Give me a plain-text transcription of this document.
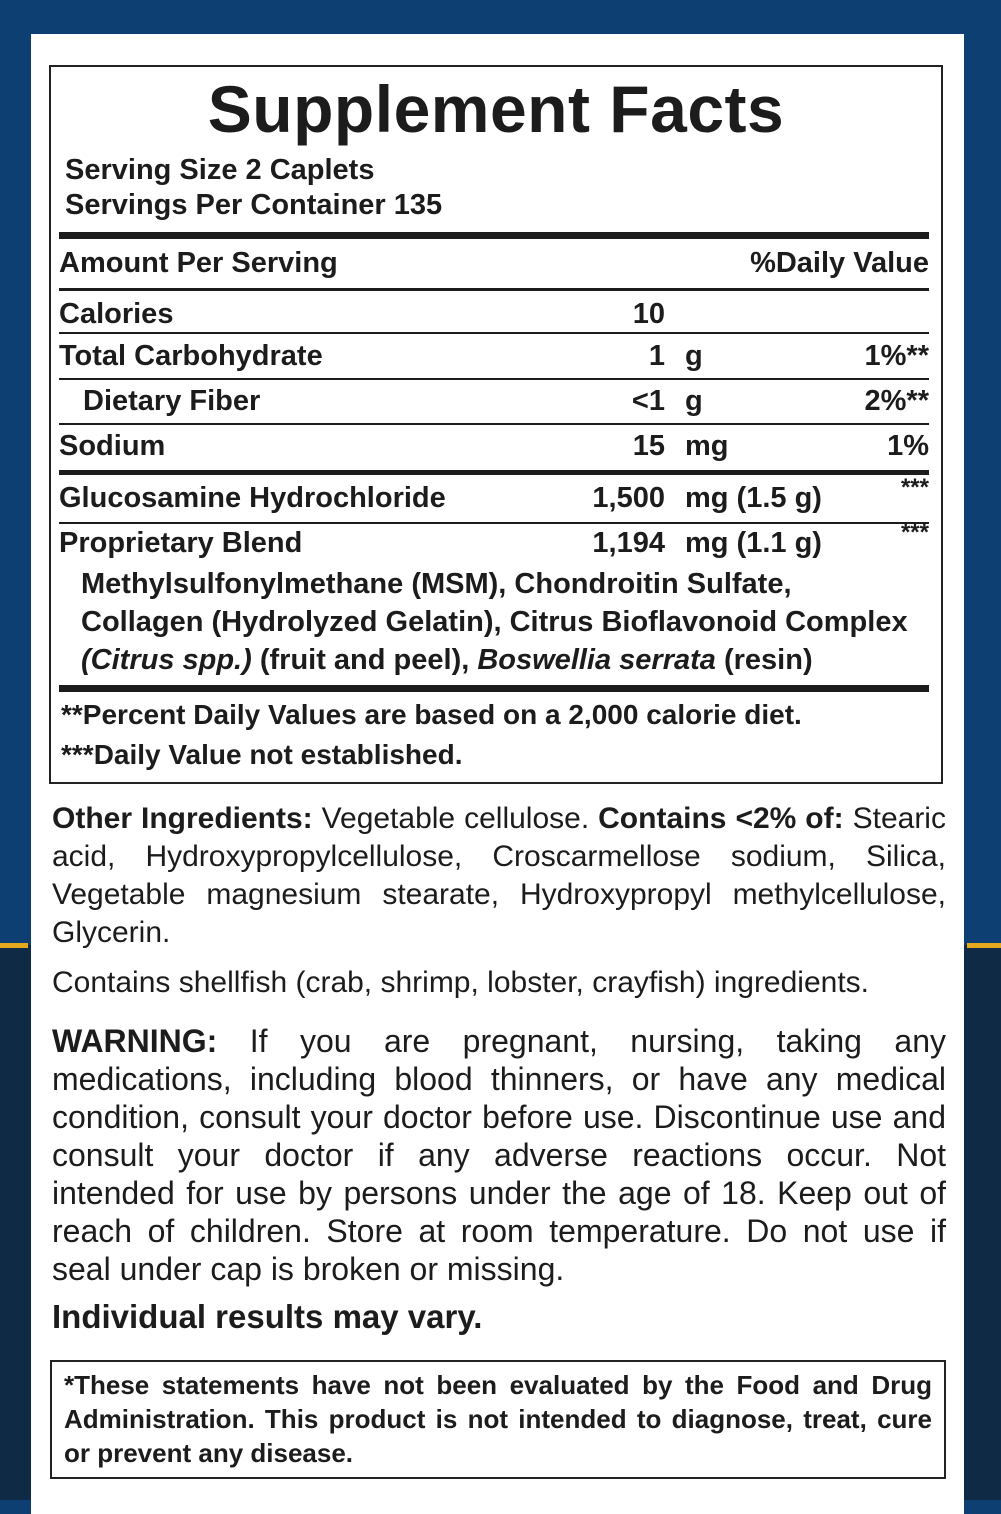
Supplement Facts
Serving Size 2 Caplets
Servings Per Container 135
Amount Per Serving	%Daily Value
Calories	10
Total Carbohydrate	1 g	1%**
Dietary Fiber	<1 g	2%**
Sodium	15 mg	1%
Glucosamine Hydrochloride	1,500 mg (1.5 g)	***
Proprietary Blend	1,194 mg (1.1 g)	***
Methylsulfonylmethane (MSM), Chondroitin Sulfate,
Collagen (Hydrolyzed Gelatin), Citrus Bioflavonoid Complex
(Citrus spp.) (fruit and peel), Boswellia serrata (resin)
**Percent Daily Values are based on a 2,000 calorie diet.
***Daily Value not established.
Other Ingredients: Vegetable cellulose. Contains <2% of: Stearic acid, Hydroxypropylcellulose, Croscarmellose sodium, Silica, Vegetable magnesium stearate, Hydroxypropyl methylcellulose, Glycerin.
Contains shellfish (crab, shrimp, lobster, crayfish) ingredients.
WARNING: If you are pregnant, nursing, taking any medications, including blood thinners, or have any medical condition, consult your doctor before use. Discontinue use and consult your doctor if any adverse reactions occur. Not intended for use by persons under the age of 18. Keep out of reach of children. Store at room temperature. Do not use if seal under cap is broken or missing.
Individual results may vary.
*These statements have not been evaluated by the Food and Drug Administration. This product is not intended to diagnose, treat, cure or prevent any disease.
